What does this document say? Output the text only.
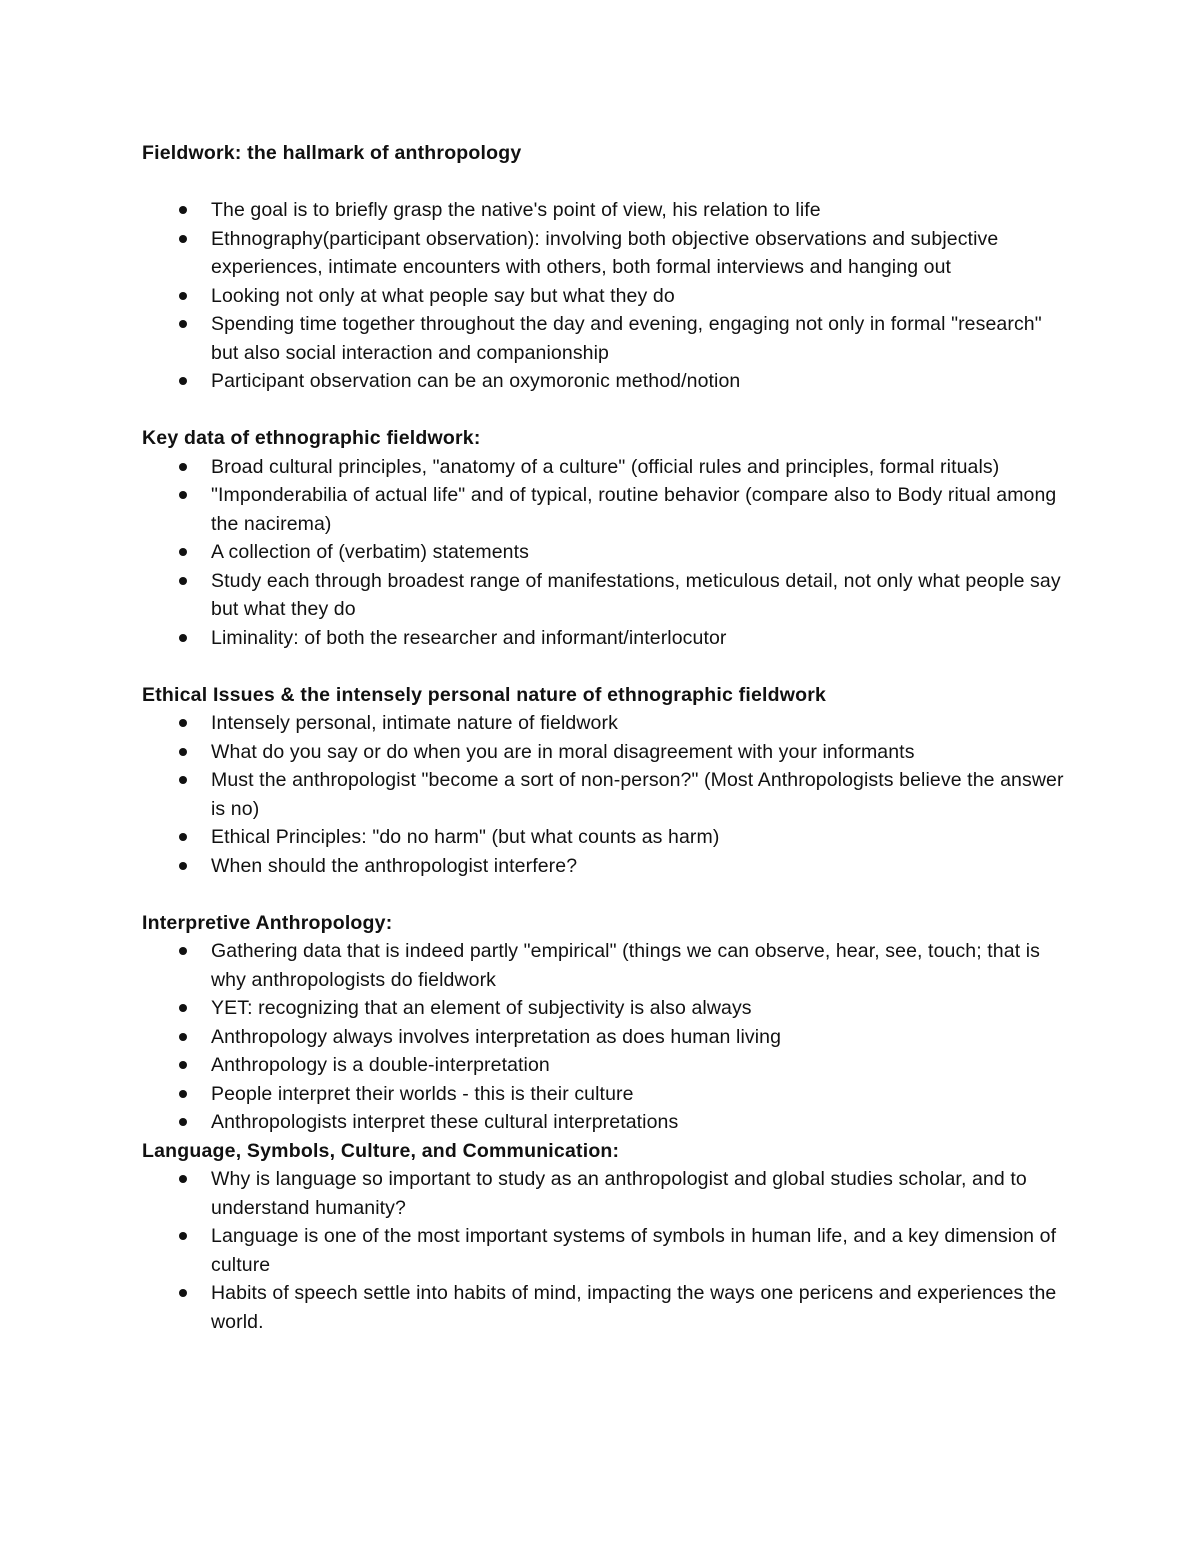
Fieldwork: the hallmark of anthropology

The goal is to briefly grasp the native's point of view, his relation to life
Ethnography(participant observation): involving both objective observations and subjective experiences, intimate encounters with others, both formal interviews and hanging out
Looking not only at what people say but what they do
Spending time together throughout the day and evening, engaging not only in formal "research" but also social interaction and companionship
Participant observation can be an oxymoronic method/notion

Key data of ethnographic fieldwork:

Broad cultural principles, "anatomy of a culture" (official rules and principles, formal rituals)
"Imponderabilia of actual life" and of typical, routine behavior (compare also to Body ritual among the nacirema)
A collection of (verbatim) statements
Study each through broadest range of manifestations, meticulous detail, not only what people say but what they do
Liminality: of both the researcher and informant/interlocutor

Ethical Issues & the intensely personal nature of ethnographic fieldwork

Intensely personal, intimate nature of fieldwork
What do you say or do when you are in moral disagreement with your informants
Must the anthropologist "become a sort of non-person?" (Most Anthropologists believe the answer is no)
Ethical Principles: "do no harm" (but what counts as harm)
When should the anthropologist interfere?

Interpretive Anthropology:

Gathering data that is indeed partly "empirical" (things we can observe, hear, see, touch; that is why anthropologists do fieldwork
YET: recognizing that an element of subjectivity is also always
Anthropology always involves interpretation as does human living
Anthropology is a double-interpretation
People interpret their worlds - this is their culture
Anthropologists interpret these cultural interpretations

Language, Symbols, Culture, and Communication:

Why is language so important to study as an anthropologist and global studies scholar, and to understand humanity?
Language is one of the most important systems of symbols in human life, and a key dimension of culture
Habits of speech settle into habits of mind, impacting the ways one pericens and experiences the world.
